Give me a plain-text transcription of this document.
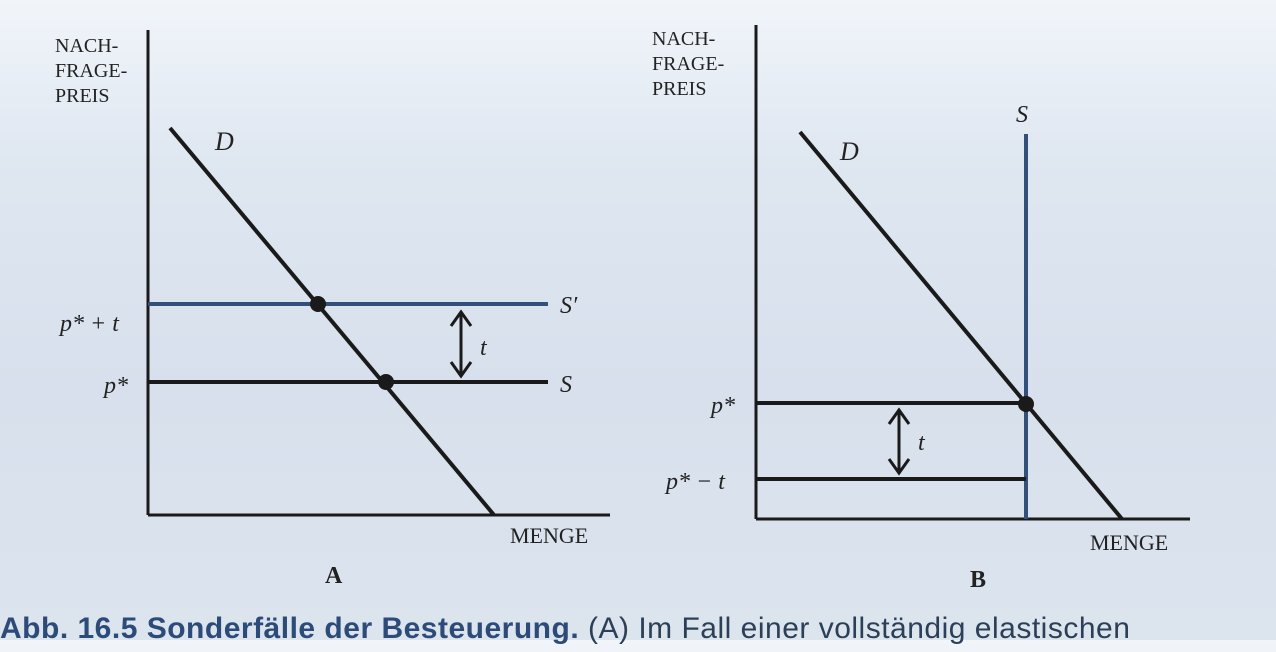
NACH-
FRAGE-
PREIS
MENGE
D
S′
S
p* + t
p*
t
A
NACH-
FRAGE-
PREIS
MENGE
D
S
p*
p* − t
t
B
Abb. 16.5 Sonderfälle der Besteuerung. (A) Im Fall einer vollständig elastischen
